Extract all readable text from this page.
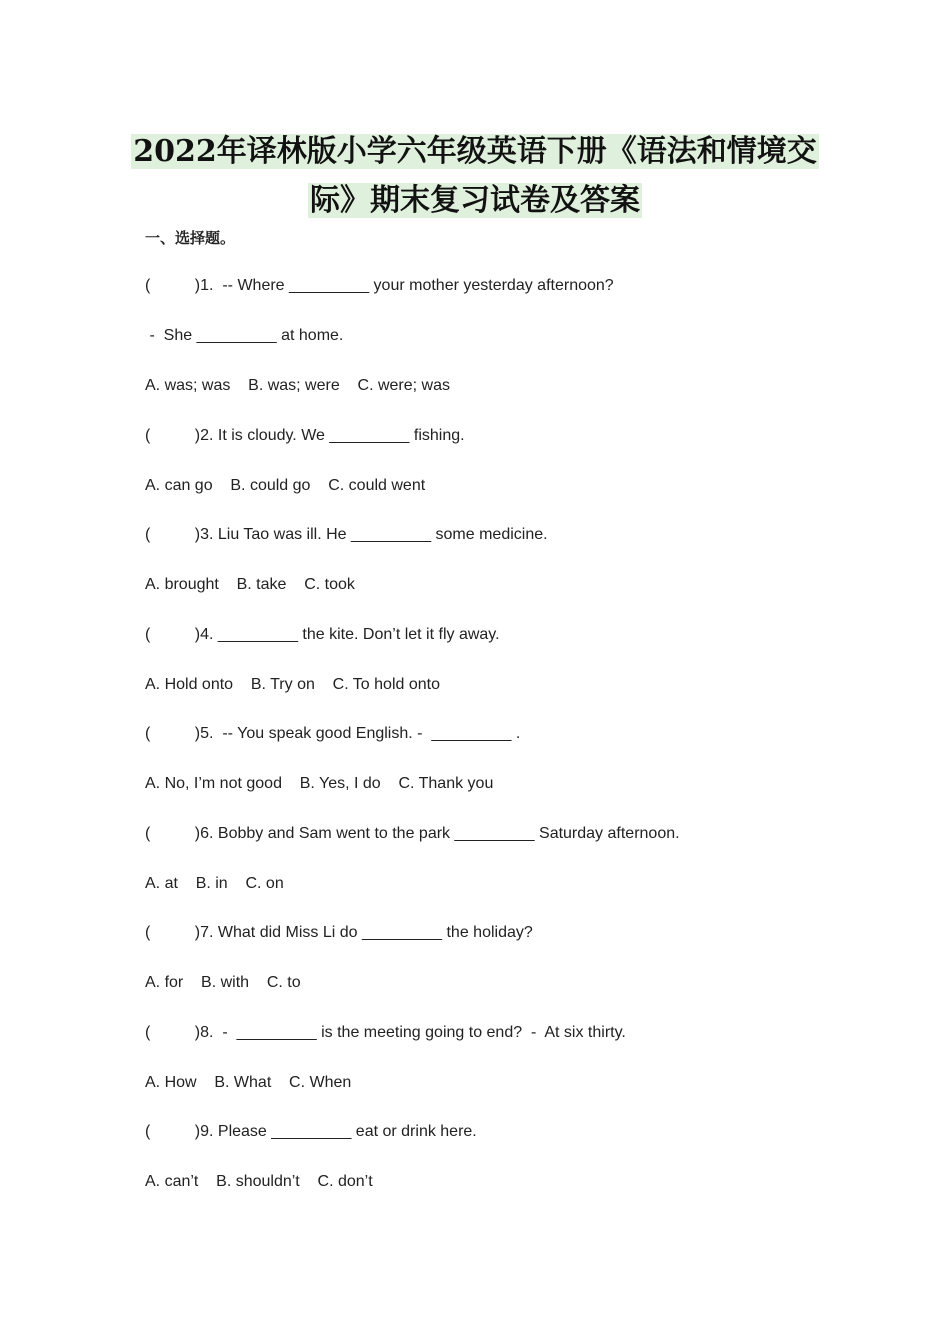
2022年译林版小学六年级英语下册《语法和情境交
际》期末复习试卷及答案
一、选择题。
(          )1.  -- Where _________ your mother yesterday afternoon?
-  She _________ at home.
A. was; was    B. was; were    C. were; was
(          )2. It is cloudy. We _________ fishing.
A. can go    B. could go    C. could went
(          )3. Liu Tao was ill. He _________ some medicine.
A. brought    B. take    C. took
(          )4. _________ the kite. Don’t let it fly away.
A. Hold onto    B. Try on    C. To hold onto
(          )5.  -- You speak good English. -  _________ .
A. No, I’m not good    B. Yes, I do    C. Thank you
(          )6. Bobby and Sam went to the park _________ Saturday afternoon.
A. at    B. in    C. on
(          )7. What did Miss Li do _________ the holiday?
A. for    B. with    C. to
(          )8.  -  _________ is the meeting going to end?  -  At six thirty.
A. How    B. What    C. When
(          )9. Please _________ eat or drink here.
A. can’t    B. shouldn’t    C. don’t
